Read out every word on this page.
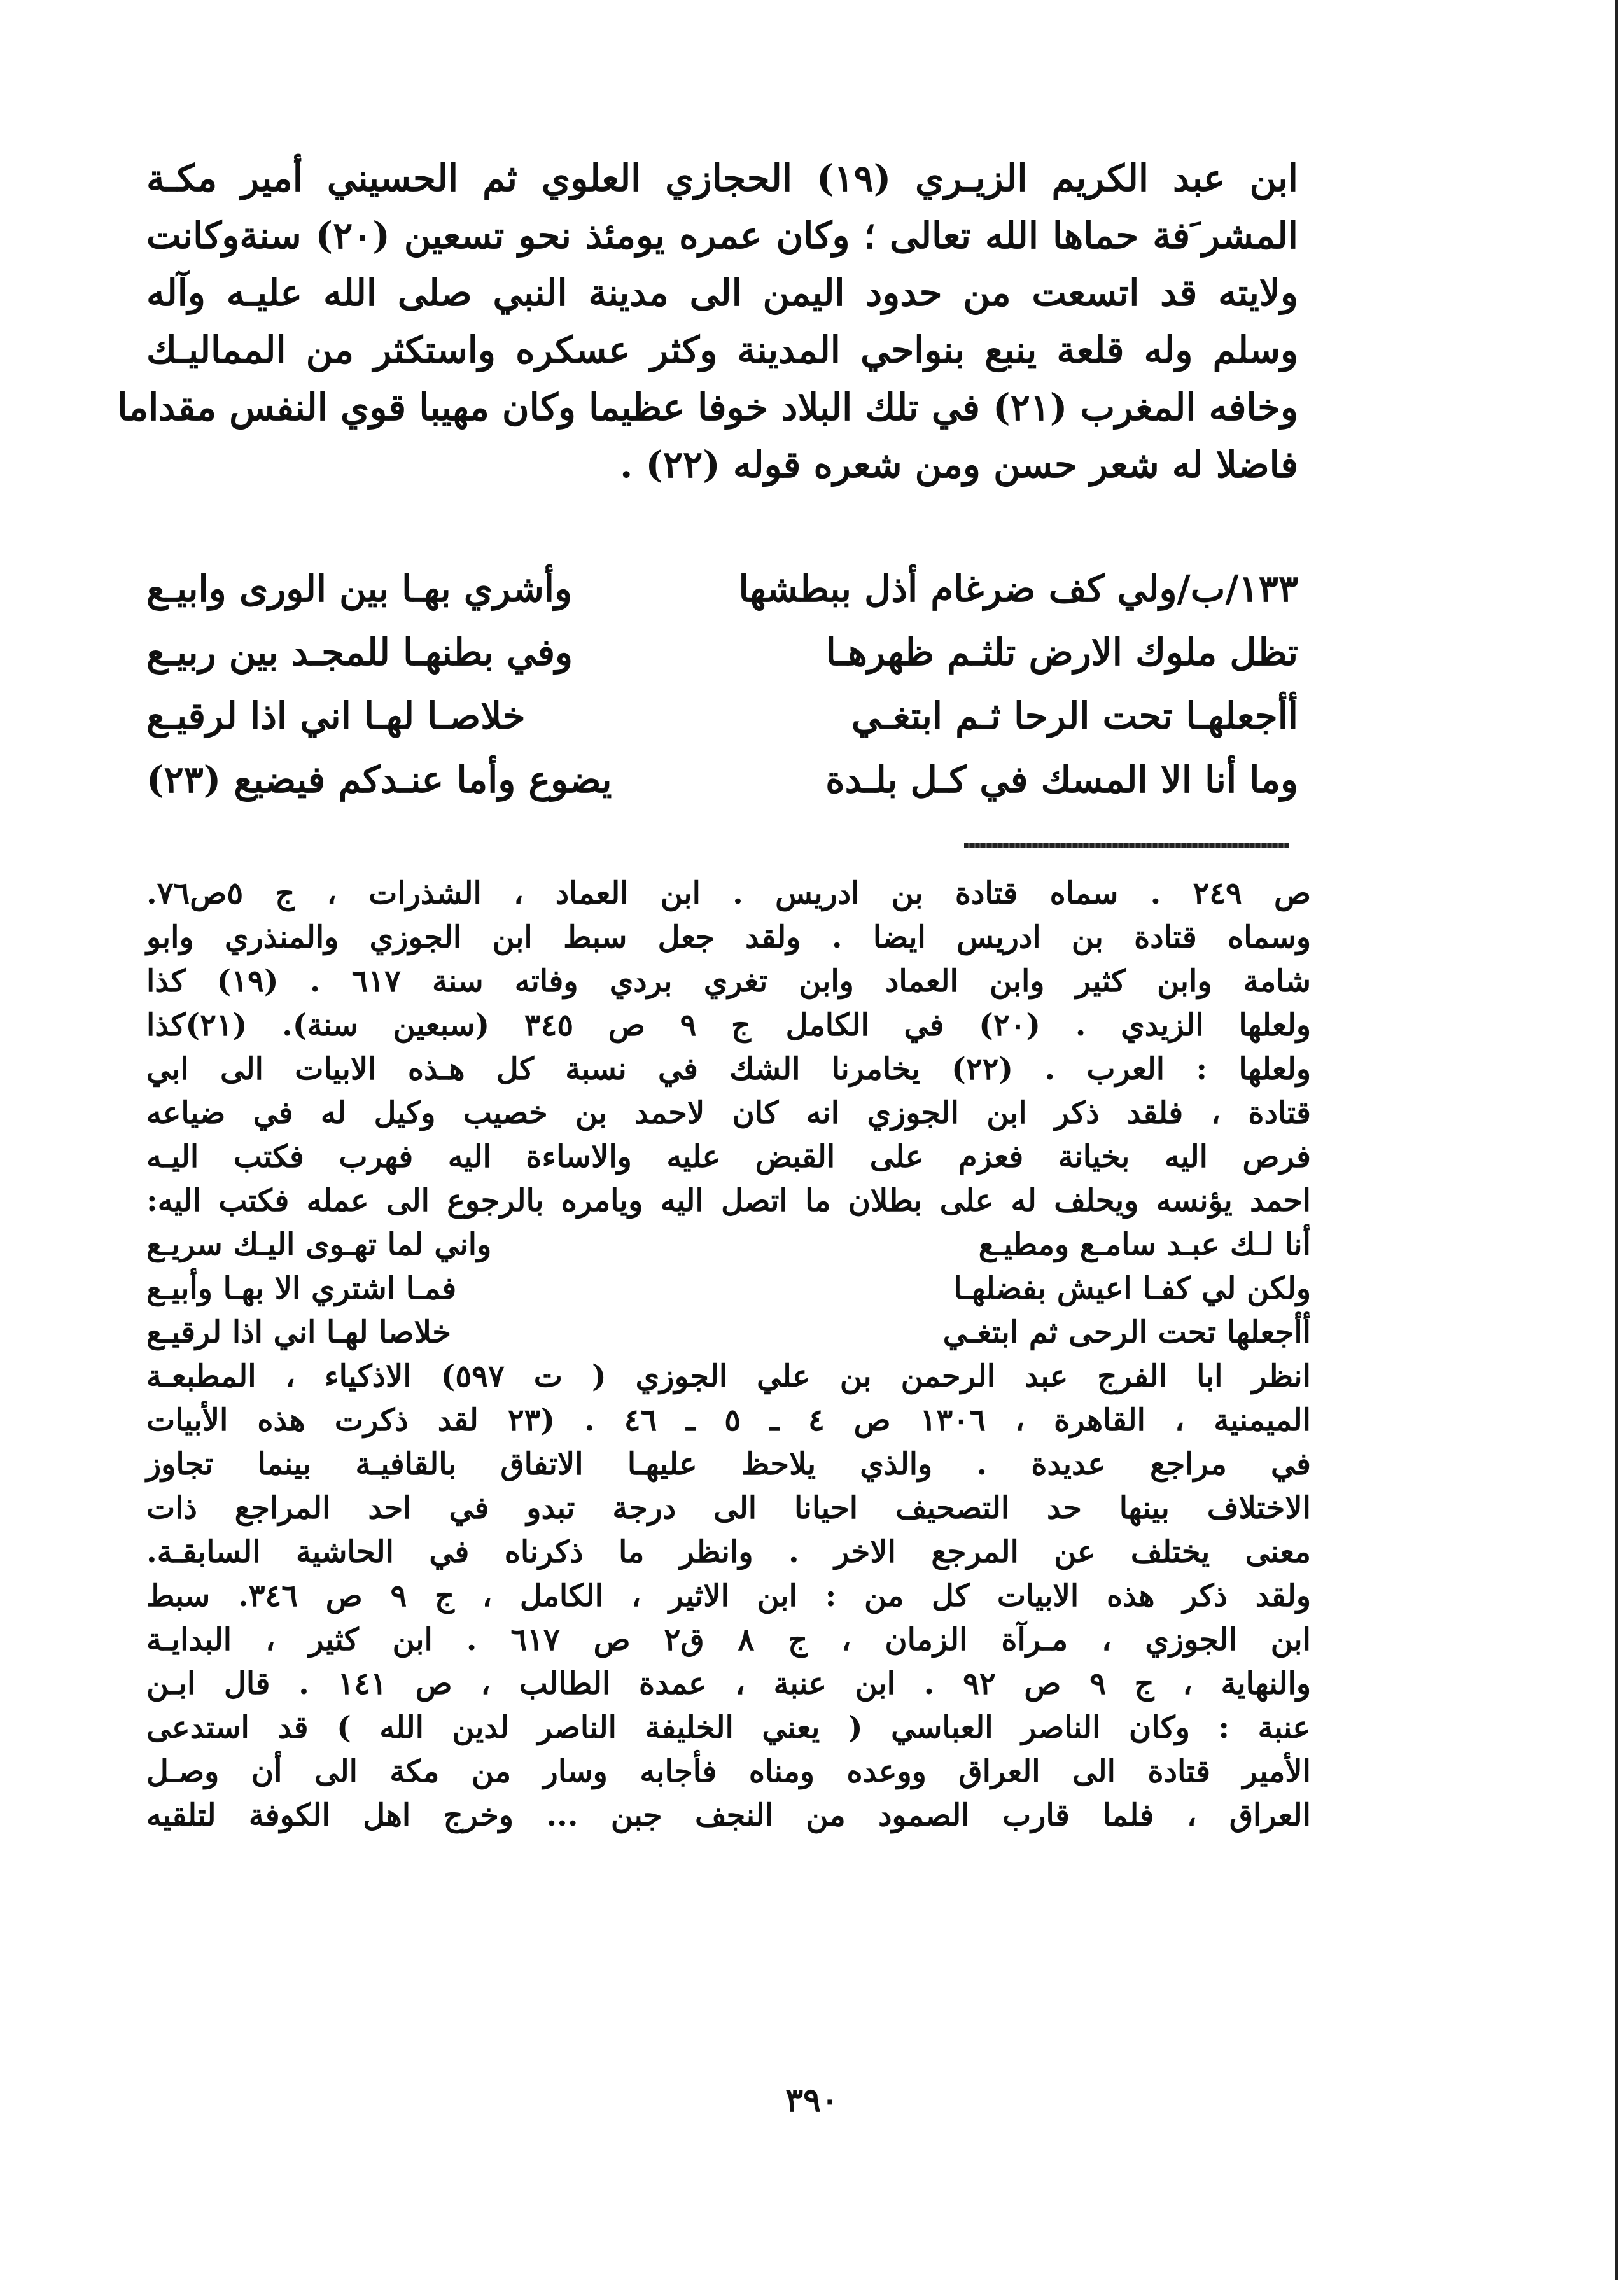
ابن عبد الكريم الزيـري (١٩) الحجازي العلوي ثم الحسيني أمير مكـة
المشر َفة حماها الله تعالى ؛ وكان عمره يومئذ نحو تسعين (٢٠) سنةوكانت
ولايته قد اتسعت من حدود اليمن الى مدينة النبي صلى الله عليـه وآله
وسلم وله قلعة ينبع بنواحي المدينة وكثر عسكره واستكثر من المماليـك
وخافه المغرب (٢١) في تلك البلاد خوفا عظيما وكان مهيبا قوي النفس مقداما
فاضلا له شعر حسن ومن شعره قوله (٢٢) .
١٣٣/ب/ولي كف ضرغام أذل ببطشها
وأشري بهـا بين الورى وابيـع
تظل ملوك الارض تلثـم ظهرهـا
وفي بطنهـا للمجـد بين ربيـع
أأجعلهـا تحت الرحا ثـم ابتغـي
خلاصـا لهـا اني اذا لرقيـع
وما أنا الا المسك في كـل بلـدة
يضوع وأما عنـدكم فيضيع (٢٣)
ص ٢٤٩ . سماه قتادة بن ادريس . ابن العماد ، الشذرات ، ج ٥ص٧٦.
وسماه قتادة بن ادريس ايضا . ولقد جعل سبط ابن الجوزي والمنذري وابو
شامة وابن كثير وابن العماد وابن تغري بردي وفاته سنة ٦١٧ . (١٩) كذا
ولعلها الزيدي . (٢٠) في الكامل ج ٩ ص ٣٤٥ (سبعين سنة). (٢١)كذا
ولعلها : العرب . (٢٢) يخامرنا الشك في نسبة كل هـذه الابيات الى ابي
قتادة ، فلقد ذكر ابن الجوزي انه كان لاحمد بن خصيب وكيل له في ضياعه
فرص اليه بخيانة فعزم على القبض عليه والاساءة اليه فهرب فكتب اليـه
احمد يؤنسه ويحلف له على بطلان ما اتصل اليه ويامره بالرجوع الى عمله فكتب اليه:
أنا لـك عبـد سامـع ومطيـع
واني لما تهـوى اليـك سريـع
ولكن لي كفـا اعيش بفضلهـا
فمـا اشتري الا بهـا وأبيـع
أأجعلها تحت الرحى ثم ابتغـي
خلاصا لهـا اني اذا لرقيـع
انظر ابا الفرج عبد الرحمن بن علي الجوزي ( ت ٥٩٧) الاذكياء ، المطبعـة
الميمنية ، القاهرة ، ١٣٠٦ ص ٤ ـ ٥ ـ ٤٦ . (٢٣ لقد ذكرت هذه الأبيات
في مراجع عديدة . والذي يلاحظ عليهـا الاتفاق بالقافيـة بينما تجاوز
الاختلاف بينها حد التصحيف احيانا الى درجة تبدو في احد المراجع ذات
معنى يختلف عن المرجع الاخر . وانظر ما ذكرناه في الحاشية السابقـة.
ولقد ذكر هذه الابيات كل من : ابن الاثير ، الكامل ، ج ٩ ص ٣٤٦. سبط
ابن الجوزي ، مـرآة الزمان ، ج ٨ ق٢ ص ٦١٧ . ابن كثير ، البدايـة
والنهاية ، ج ٩ ص ٩٢ . ابن عنبة ، عمدة الطالب ، ص ١٤١ . قال ابـن
عنبة : وكان الناصر العباسي ( يعني الخليفة الناصر لدين الله ) قد استدعى
الأمير قتادة الى العراق ووعده ومناه فأجابه وسار من مكة الى أن وصـل
العراق ، فلما قارب الصمود من النجف جبن ... وخرج اهل الكوفة لتلقيه
٣٩٠
